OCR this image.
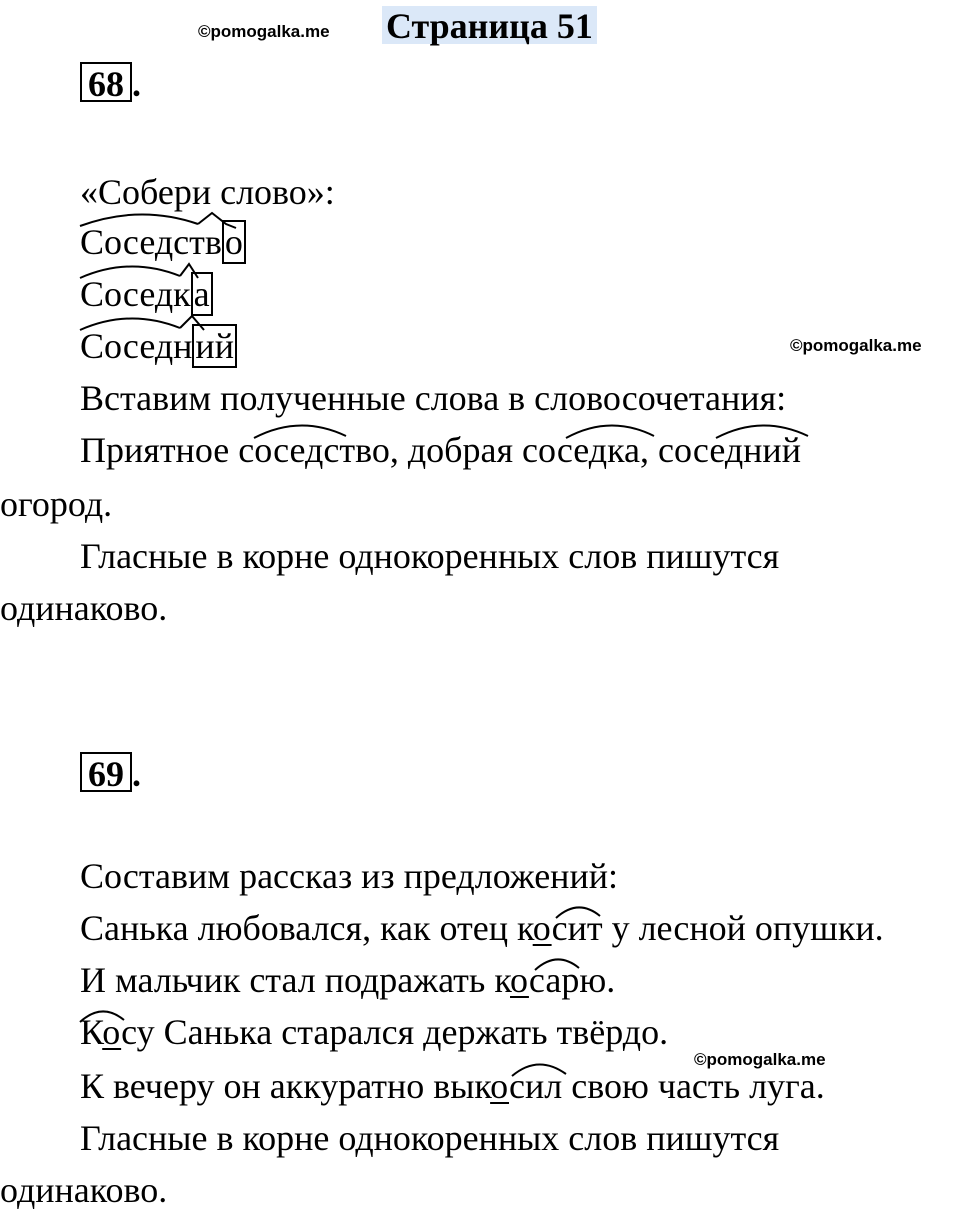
©pomogalka.me Страница 51
68 .
«Собери слово»:
Соседство
Соседка
Соседний	©pomogalka.me
Вставим полученные слова в словосочетания:
Приятное соседство, добрая соседка, соседний
огород.
Гласные в корне однокоренных слов пишутся
одинаково.
69 .
Составим рассказ из предложений:
Санька любовался, как отец косит у лесной опушки.
И мальчик стал подражать косарю.
Косу Санька старался держать твёрдо.
©pomogalka.me
К вечеру он аккуратно выкосил свою часть луга.
Гласные в корне однокоренных слов пишутся
одинаково.
